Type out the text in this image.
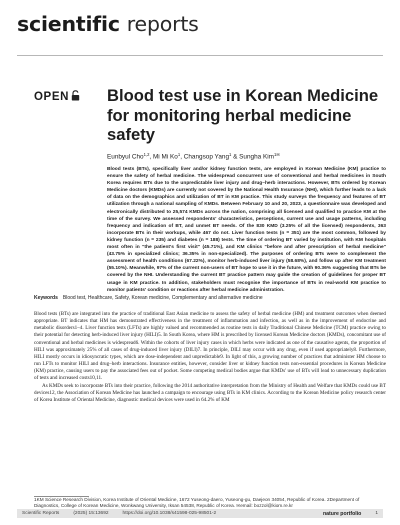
scientific reports
OPEN	Blood test use in Korean Medicine
for monitoring herbal medicine
safety
Eunbyul Cho$^{1,2}$, Mi Mi Ko$^1$, Changsop Yang$^1$ & Sungha Kim$^{1✉}$

Blood tests (BTs), specifically liver and/or kidney function tests, are employed in Korean Medicine (KM) practice to ensure the safety of herbal medicine. The widespread concurrent use of conventional and herbal medicines in South Korea requires BTs due to the unpredictable liver injury and drug–herb interactions. However, BTs ordered by Korean Medicine doctors (KMDs) are currently not covered by the National Health Insurance (NHI), which further leads to a lack of data on the demographics and utilization of BT in KM practice. This study surveys the frequency and features of BT utilization through a national sampling of KMDs. Between February 10 and 20, 2023, a questionnaire was developed and electronically distributed to 25,574 KMDs across the nation, comprising all licensed and qualified to practice KM at the time of the survey. We assessed respondents' characteristics, perceptions, current use and usage patterns, including frequency and indication of BT, and unmet BT needs. Of the 830 KMD (3.25% of all the licensed) respondents, 363 incorporate BTs in their workups, while 467 do not. Liver function tests (n = 351) are the most common, followed by kidney function (n = 235) and diabetes (n = 188) tests. The time of ordering BT varied by institution, with KM hospitals most often in "the patient's first visit" (45.71%), and KM clinics "before and after prescription of herbal medicine" (43.75% in specialized clinics; 36.35% in non-specialized). The purposes of ordering BTs were to complement the assessment of health conditions (67.22%), monitor herb-induced liver injury (58.68%), and follow up after KM treatment (55.10%). Meanwhile, 97% of the current non-users of BT hope to use it in the future, with 90.36% suggesting that BTs be covered by the NHI. Understanding the current BT practice pattern may guide the creation of guidelines for proper BT usage in KM practice. In addition, stakeholders must recognise the importance of BTs in real-world KM practice to monitor patients' condition or reactions after herbal medicine administration.

Keywords Blood test, Healthcare, Safety, Korean medicine, Complementary and alternative medicine

Blood tests (BTs) are integrated into the practice of traditional East Asian medicine to assess the safety of herbal medicine (HM) and treatment outcomes when deemed appropriate. BT indicates that HM has demonstrated effectiveness in the treatment of inflammation and infection, as well as in the improvement of endocrine and metabolic disorders1–4. Liver function tests (LFTs) are highly valued and recommended as routine tests in daily Traditional Chinese Medicine (TCM) practice owing to their potential for detecting herb-induced liver injury (HILI)5. In South Korea, where HM is prescribed by licensed Korean Medicine doctors (KMDs), concomitant use of conventional and herbal medicines is widespread6. Within the cohorts of liver injury cases in which herbs were indicated as one of the causative agents, the proportion of HILI was approximately 25% of all cases of drug-induced liver injury (DILI)7. In principle, DILI may occur with any drug, even if used appropriately8. Furthermore, HILI mostly occurs in idiosyncratic types, which are dose-independent and unpredictable9. In light of this, a growing number of practices that administer HM choose to run LFTs to monitor HILI and drug–herb interactions. Insurance entities, however, consider liver or kidney function tests non-essential procedures in Korean Medicine (KM) practice, causing users to pay the associated fees out of pocket. Some competing medical bodies argue that KMDs' use of BTs will lead to unnecessary duplication of tests and increased costs10,11.

As KMDs seek to incorporate BTs into their practice, following the 2014 authoritative interpretation from the Ministry of Health and Welfare that KMDs could use BT devices12, the Association of Korean Medicine has launched a campaign to encourage using BTs in KM clinics. According to the Korean Medicine policy research center of Korea Institute of Oriental Medicine, diagnostic medical devices were used in 64.2% of KM

1KM Science Research Division, Korea Institute of Oriental Medicine, 1672 Yuseong-daero, Yuseong-gu, Daejeon 34054, Republic of Korea. 2Department of Diagnostics, College of Korean Medicine, Wonkwang University, Iksan 54538, Republic of Korea. ✉email: bozzol@kiom.re.kr

Scientific Reports	(2025) 15:13692	https://doi.org/10.1038/s41598-025-98501-2	nature portfolio	1
